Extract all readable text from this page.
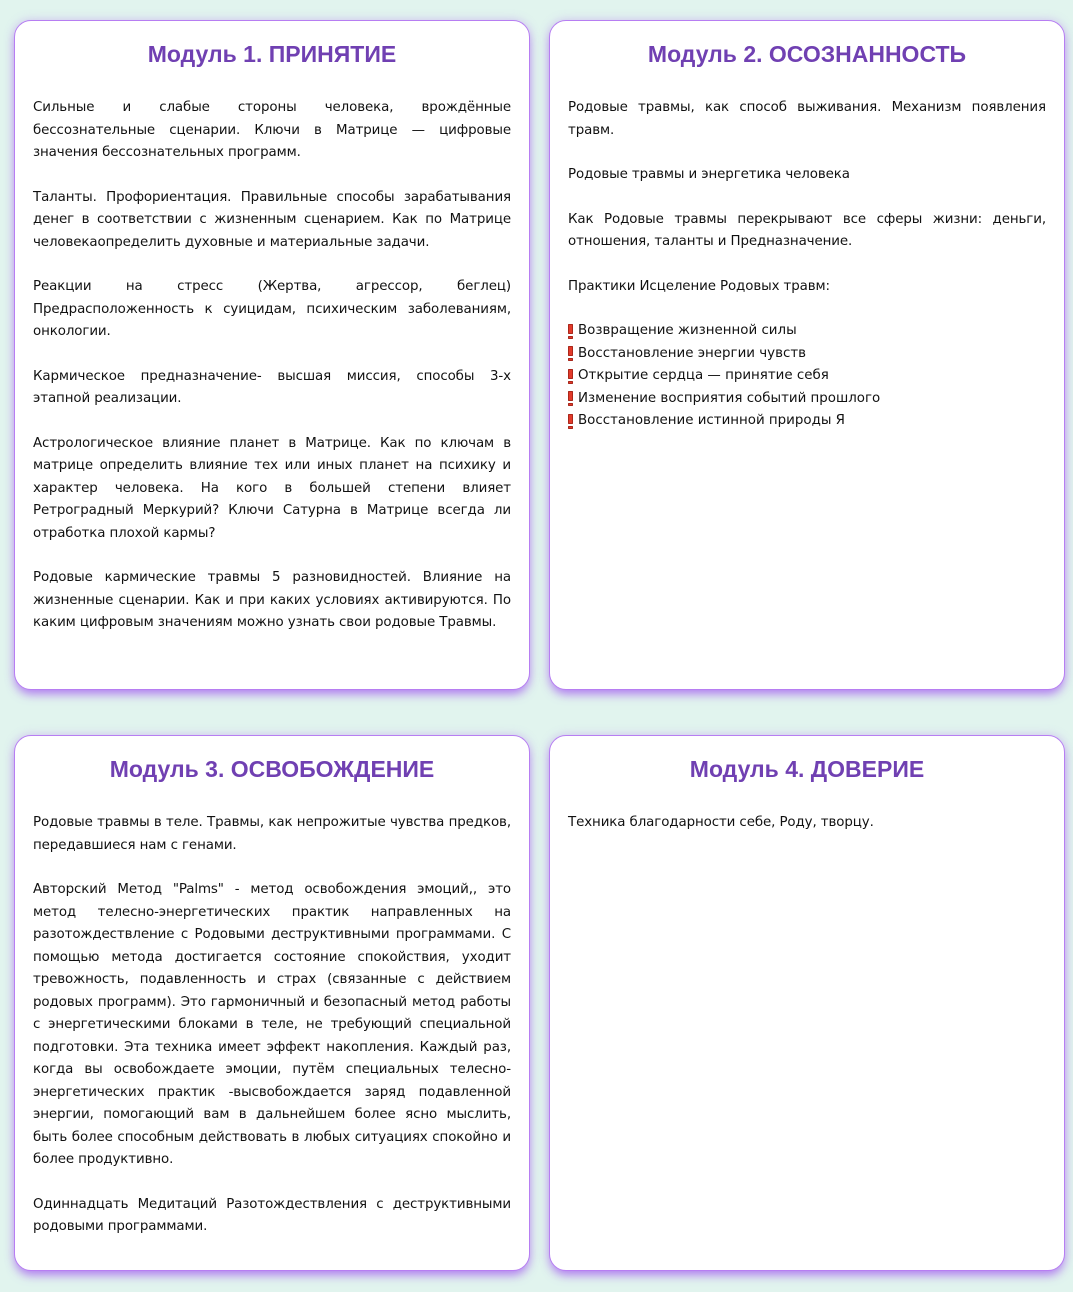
Модуль 1. ПРИНЯТИЕ

Сильные и слабые стороны человека, врождённые бессознательные сценарии. Ключи в Матрице — цифровые значения бессознательных программ.

Таланты. Профориентация. Правильные способы зарабатывания денег в соответствии с жизненным сценарием. Как по Матрице человекаопределить духовные и материальные задачи.

Реакции на стресс (Жертва, агрессор, беглец) Предрасположенность к суицидам, психическим заболеваниям, онкологии.

Кармическое предназначение- высшая миссия, способы 3-х этапной реализации.

Астрологическое влияние планет в Матрице. Как по ключам в матрице определить влияние тех или иных планет на психику и характер человека. На кого в большей степени влияет Ретроградный Меркурий? Ключи Сатурна в Матрице всегда ли отработка плохой кармы?

Родовые кармические травмы 5 разновидностей. Влияние на жизненные сценарии. Как и при каких условиях активируются. По каким цифровым значениям можно узнать свои родовые Травмы.

Модуль 2. ОСОЗНАННОСТЬ

Родовые травмы, как способ выживания. Механизм появления травм.

Родовые травмы и энергетика человека

Как Родовые травмы перекрывают все сферы жизни: деньги, отношения, таланты и Предназначение.

Практики Исцеление Родовых травм:

Возвращение жизненной силы
Восстановление энергии чувств
Открытие сердца — принятие себя
Изменение восприятия событий прошлого
Восстановление истинной природы Я
Модуль 3. ОСВОБОЖДЕНИЕ

Родовые травмы в теле. Травмы, как непрожитые чувства предков, передавшиеся нам с генами.

Авторский Метод "Palms" - метод освобождения эмоций,, это метод телесно-энергетических практик направленных на разотождествление с Родовыми деструктивными программами. С помощью метода достигается состояние спокойствия, уходит тревожность, подавленность и страх (связанные с действием родовых программ). Это гармоничный и безопасный метод работы с энергетическими блоками в теле, не требующий специальной подготовки. Эта техника имеет эффект накопления. Каждый раз, когда вы освобождаете эмоции, путём специальных телесно-энергетических практик -высвобождается заряд подавленной энергии, помогающий вам в дальнейшем более ясно мыслить, быть более способным действовать в любых ситуациях спокойно и более продуктивно.

Одиннадцать Медитаций Разотождествления с деструктивными родовыми программами.

Модуль 4. ДОВЕРИЕ

Техника благодарности себе, Роду, творцу.
